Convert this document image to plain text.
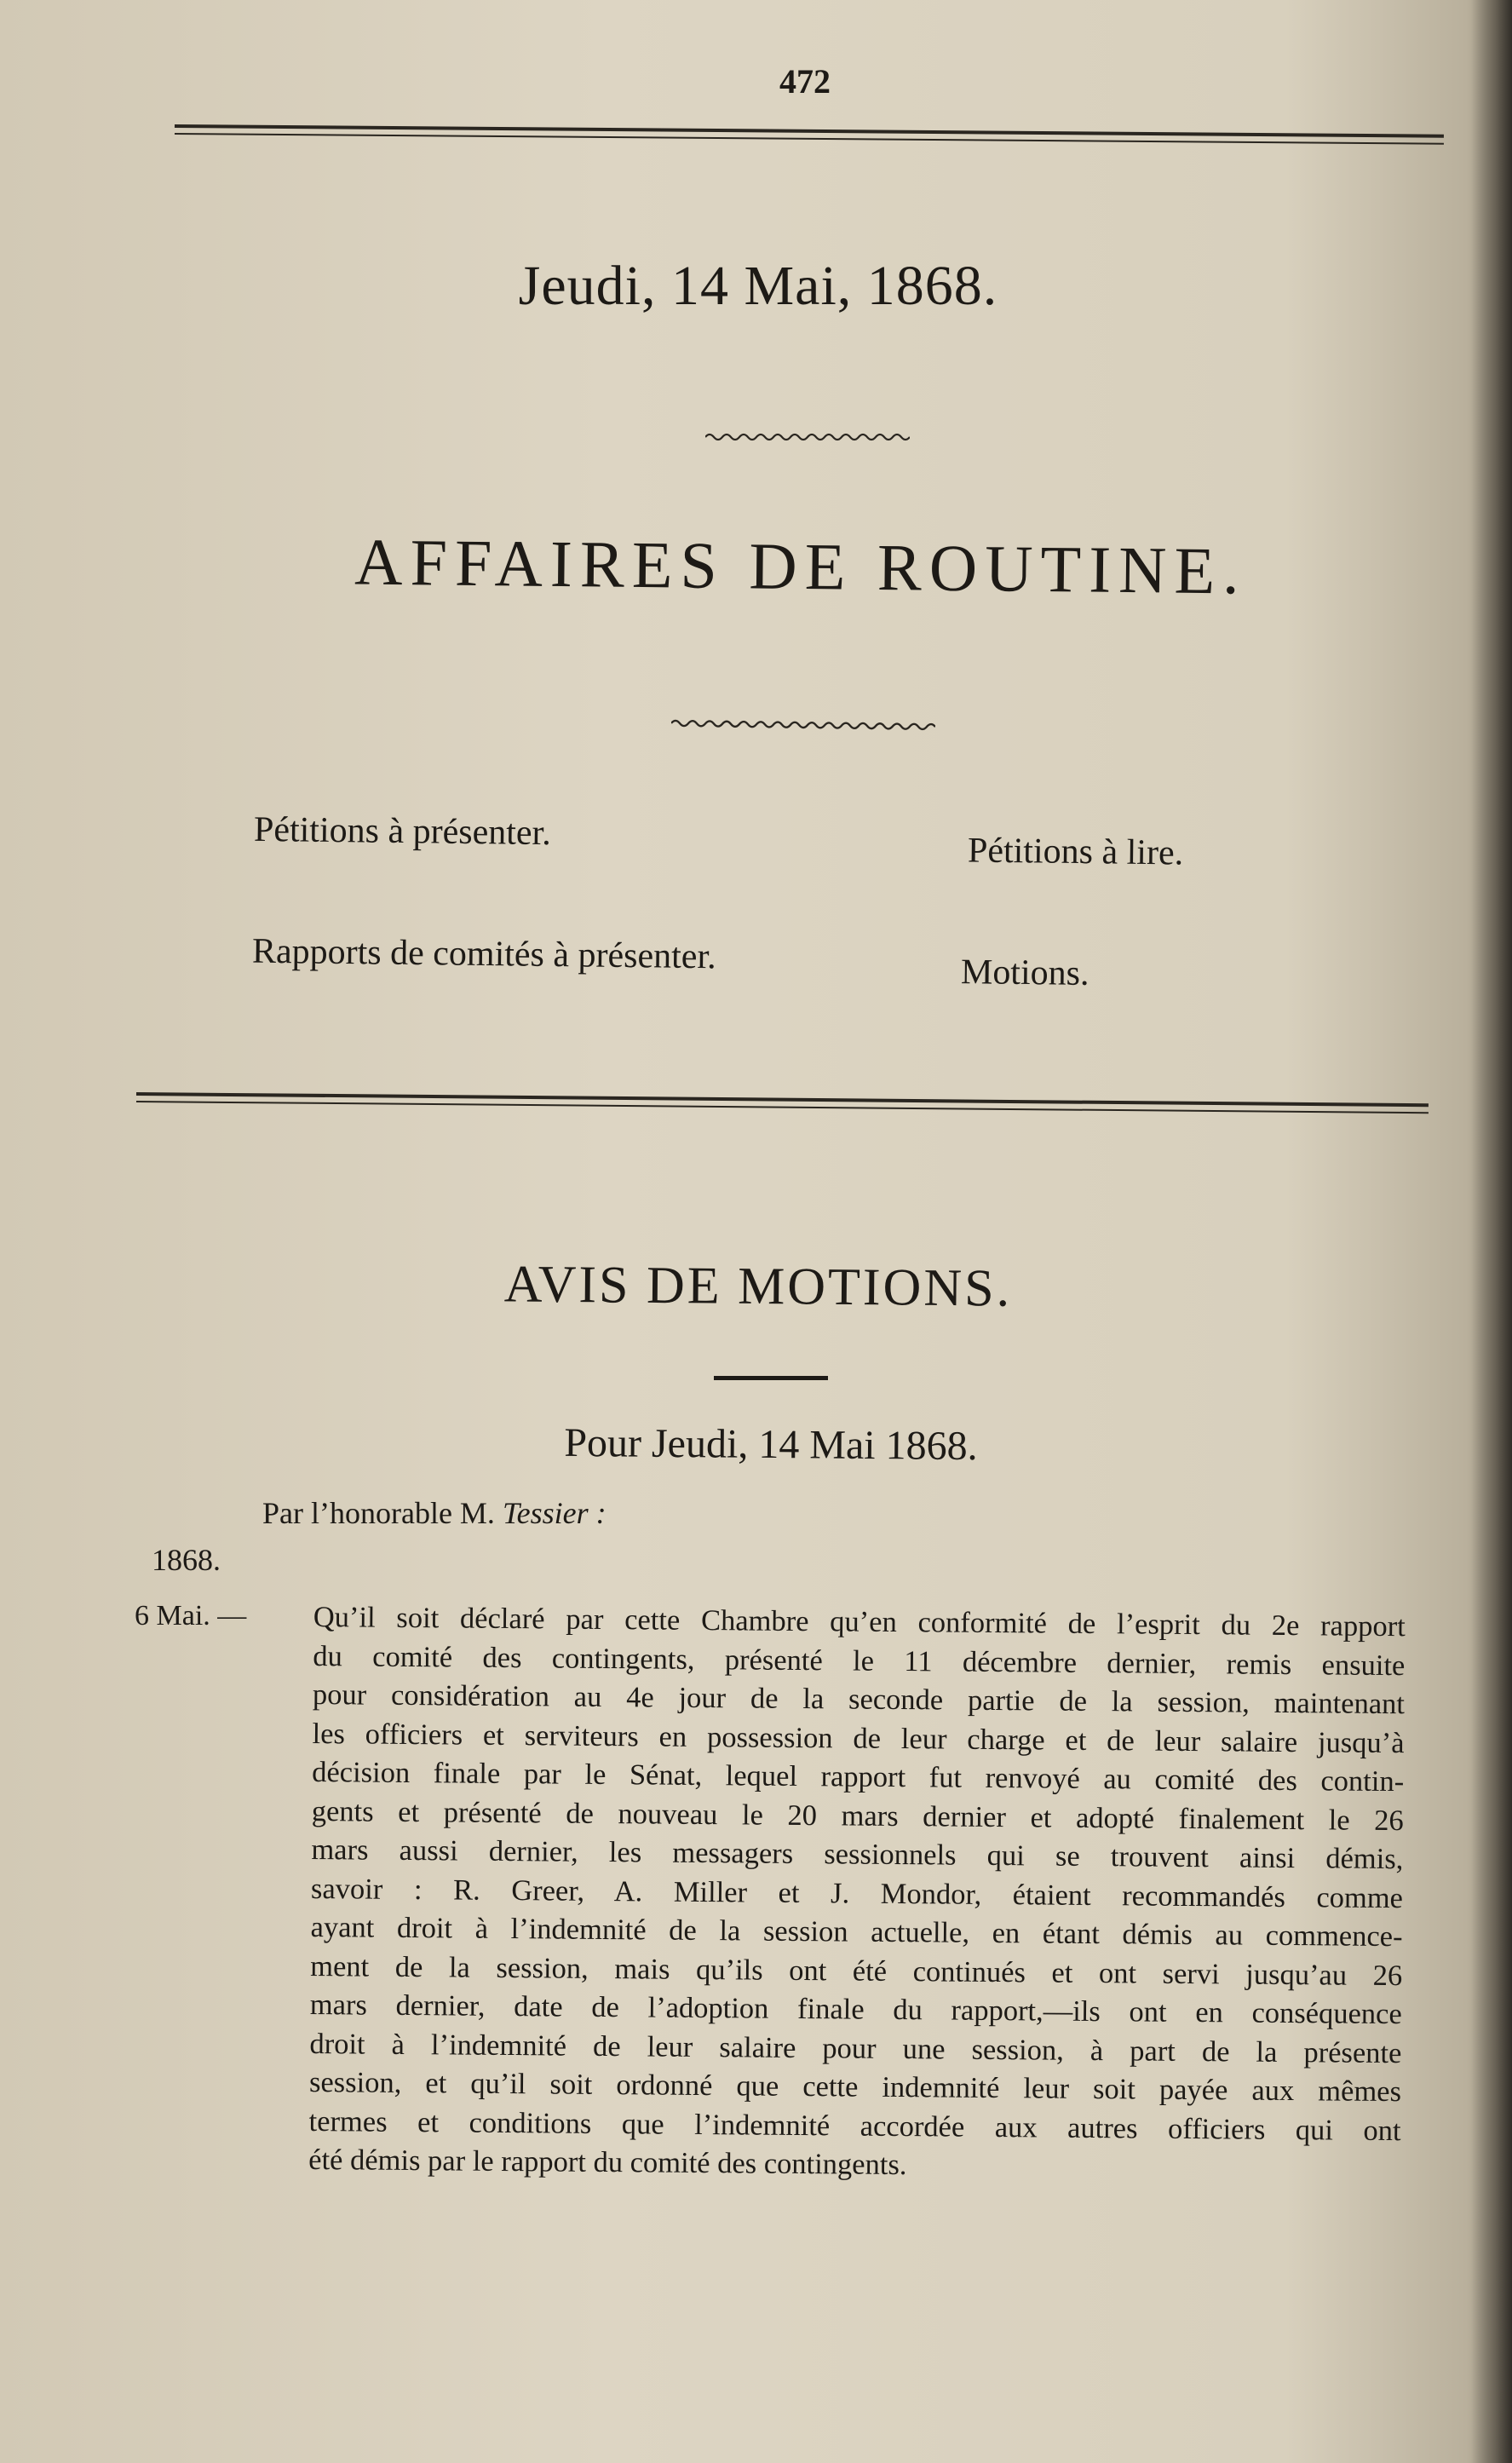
472
Jeudi, 14 Mai, 1868.
AFFAIRES DE ROUTINE.
Pétitions à présenter.	Pétitions à lire.
Rapports de comités à présenter.	Motions.
AVIS DE MOTIONS.
Pour Jeudi, 14 Mai 1868.
Par l’honorable M. Tessier :
1868.
6 Mai. — Qu’il soit déclaré par cette Chambre qu’en conformité de l’esprit du 2e rapport
du comité des contingents, présenté le 11 décembre dernier, remis ensuite
pour considération au 4e jour de la seconde partie de la session, maintenant
les officiers et serviteurs en possession de leur charge et de leur salaire jusqu’à
décision finale par le Sénat, lequel rapport fut renvoyé au comité des contin-
gents et présenté de nouveau le 20 mars dernier et adopté finalement le 26
mars aussi dernier, les messagers sessionnels qui se trouvent ainsi démis,
savoir : R. Greer, A. Miller et J. Mondor, étaient recommandés comme
ayant droit à l’indemnité de la session actuelle, en étant démis au commence-
ment de la session, mais qu’ils ont été continués et ont servi jusqu’au 26
mars dernier, date de l’adoption finale du rapport,—ils ont en conséquence
droit à l’indemnité de leur salaire pour une session, à part de la présente
session, et qu’il soit ordonné que cette indemnité leur soit payée aux mêmes
termes et conditions que l’indemnité accordée aux autres officiers qui ont
été démis par le rapport du comité des contingents.
